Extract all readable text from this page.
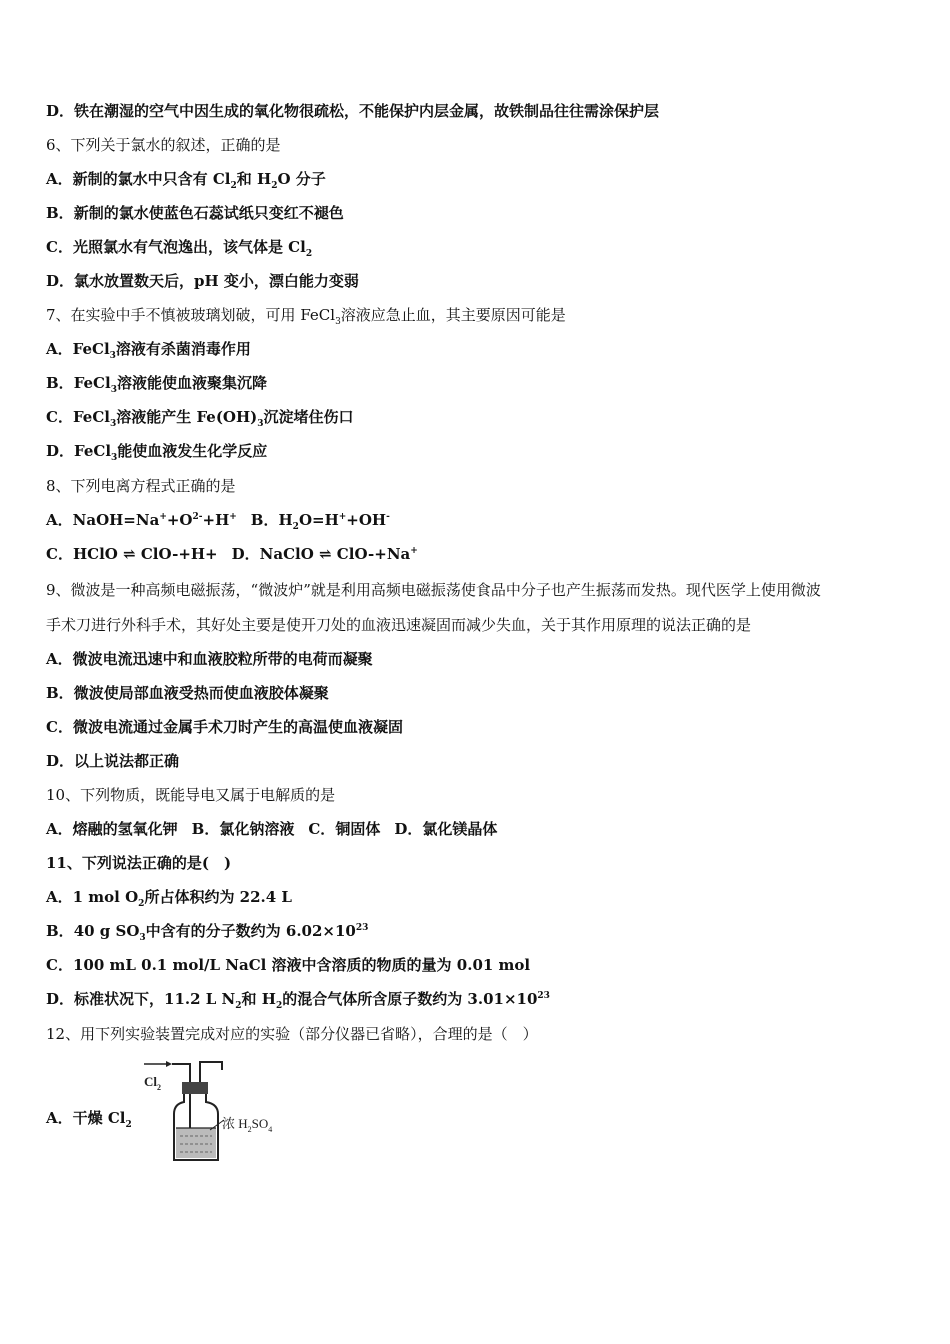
D．铁在潮湿的空气中因生成的氧化物很疏松，不能保护内层金属，故铁制品往往需涂保护层
6、下列关于氯水的叙述，正确的是
A．新制的氯水中只含有 $Cl_2$和 $H_2O$ 分子
B．新制的氯水使蓝色石蕊试纸只变红不褪色
C．光照氯水有气泡逸出，该气体是 $Cl_2$
D．氯水放置数天后，pH 变小，漂白能力变弱
7、在实验中手不慎被玻璃划破，可用 FeCl$_3$溶液应急止血，其主要原因可能是
A．FeCl$_3$溶液有杀菌消毒作用
B．FeCl$_3$溶液能使血液聚集沉降
C．FeCl$_3$溶液能产生 $Fe(OH)_3$沉淀堵住伤口
D．FeCl$_3$能使血液发生化学反应
8、下列电离方程式正确的是
A．$NaOH=Na^++O^{2-}+H^+$ B．$H_2O=H^++OH^-$
C．HClO ⇌ ClO-+H+ D．NaClO ⇌ ClO-+Na+
9、微波是一种高频电磁振荡，“微波炉”就是利用高频电磁振荡使食品中分子也产生振荡而发热。现代医学上使用微波
手术刀进行外科手术，其好处主要是使开刀处的血液迅速凝固而减少失血，关于其作用原理的说法正确的是
A．微波电流迅速中和血液胶粒所带的电荷而凝聚
B．微波使局部血液受热而使血液胶体凝聚
C．微波电流通过金属手术刀时产生的高温使血液凝固
D．以上说法都正确
10、下列物质，既能导电又属于电解质的是
A．熔融的氢氧化钾 B．氯化钠溶液 C．铜固体 D．氯化镁晶体
11、下列说法正确的是(　)
A．1 mol $O_2$所占体积约为 22.4 L
B．40 g $SO_3$中含有的分子数约为 $6.02\times 10^{23}$
C．100 mL 0.1 mol/L NaCl 溶液中含溶质的物质的量为 0.01 mol
D．标准状况下，11.2 L $N_2$和 $H_2$的混合气体所含原子数约为 $3.01\times 10^{23}$
12、用下列实验装置完成对应的实验（部分仪器已省略），合理的是（　）
A．干燥 $Cl_2$
$Cl_2$
浓 $H_2SO_4$
